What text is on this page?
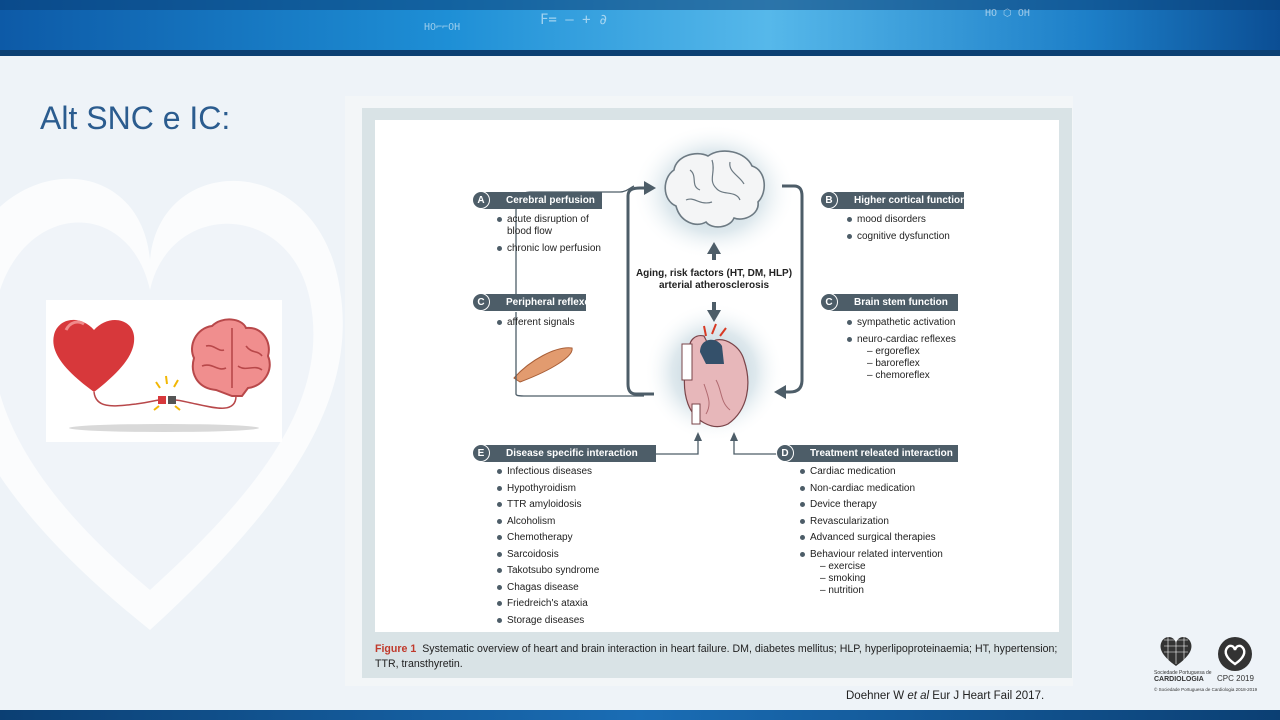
HO⌐⌐OH	F= — + ∂	HO ⬡ OH
Alt SNC e IC:
Cerebral perfusion
A
acute disruption of blood flow
chronic low perfusion
Higher cortical function
B
mood disorders
cognitive dysfunction
Peripheral reflexes
C
afferent signals
Brain stem function
C
sympathetic activation
neuro-cardiac reflexes
– ergoreflex
– baroreflex
– chemoreflex
Aging, risk factors (HT, DM, HLP)
arterial atherosclerosis
Disease specific interaction
E
Infectious diseases
Hypothyroidism
TTR amyloidosis
Alcoholism
Chemotherapy
Sarcoidosis
Takotsubo syndrome
Chagas disease
Friedreich's ataxia
Storage diseases
Treatment releated interaction
D
Cardiac medication
Non-cardiac medication
Device therapy
Revascularization
Advanced surgical therapies
Behaviour related intervention
– exercise
– smoking
– nutrition
Figure 1 Systematic overview of heart and brain interaction in heart failure. DM, diabetes mellitus; HLP, hyperlipoproteinaemia; HT, hypertension; TTR, transthyretin.
Doehner W et al Eur J Heart Fail 2017.
Sociedade Portuguesa de
CARDIOLOGIA
© Sociedade Portuguesa de Cardiologia 2018-2019
CPC 2019
